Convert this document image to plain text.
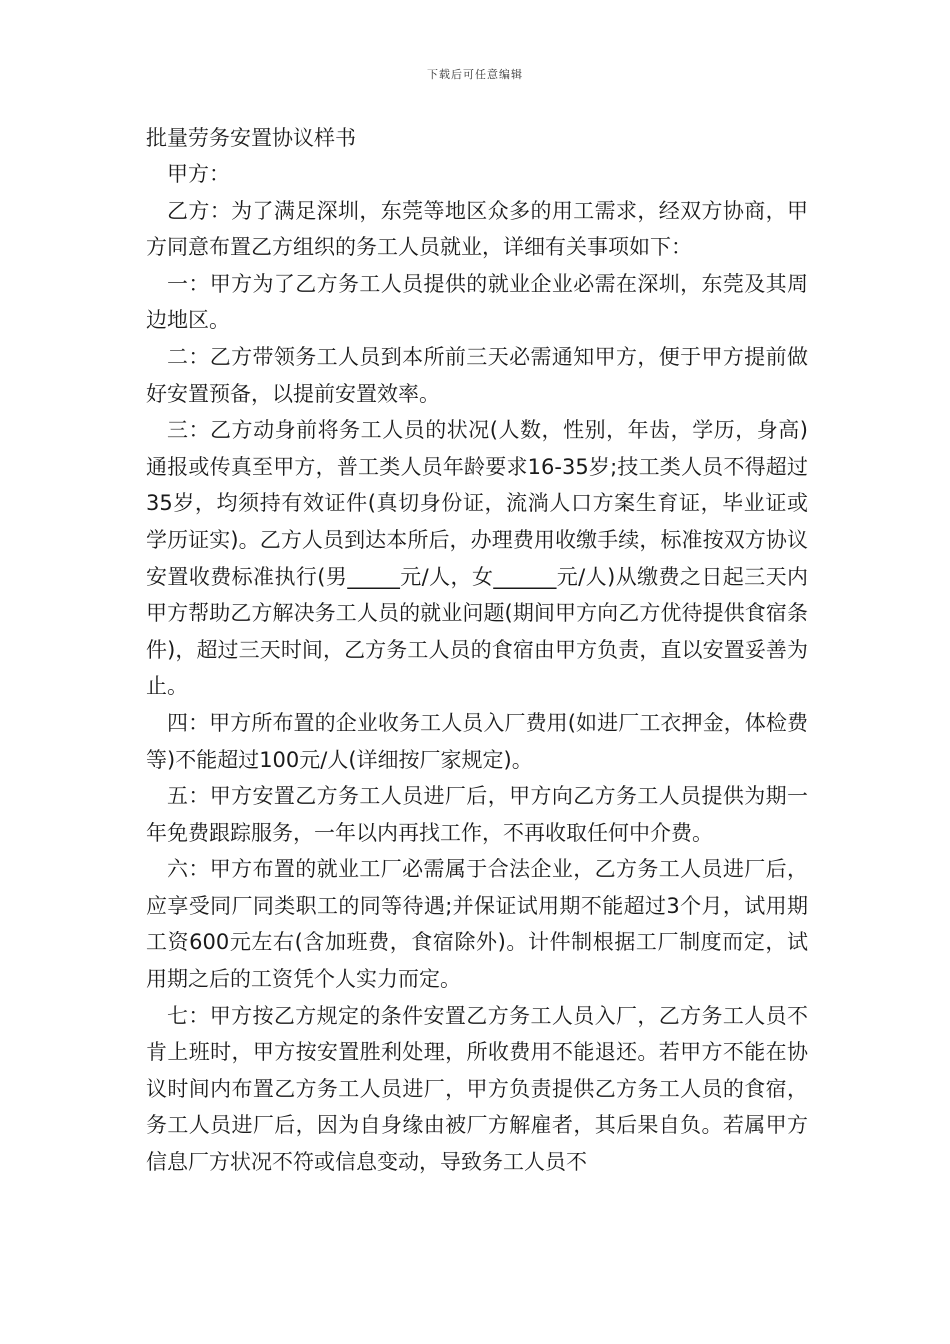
下载后可任意编辑
批量劳务安置协议样书

甲方：

乙方：为了满足深圳，东莞等地区众多的用工需求，经双方协商，甲方同意布置乙方组织的务工人员就业，详细有关事项如下：

一：甲方为了乙方务工人员提供的就业企业必需在深圳，东莞及其周边地区。

二：乙方带领务工人员到本所前三天必需通知甲方，便于甲方提前做好安置预备，以提前安置效率。

三：乙方动身前将务工人员的状况(人数，性别，年齿，学历，身高)通报或传真至甲方，普工类人员年龄要求16-35岁;技工类人员不得超过35岁，均须持有效证件(真切身份证，流淌人口方案生育证，毕业证或学历证实)。乙方人员到达本所后，办理费用收缴手续，标准按双方协议安置收费标准执行(男_____元/人，女______元/人)从缴费之日起三天内甲方帮助乙方解决务工人员的就业问题(期间甲方向乙方优待提供食宿条件)，超过三天时间，乙方务工人员的食宿由甲方负责，直以安置妥善为止。

四：甲方所布置的企业收务工人员入厂费用(如进厂工衣押金，体检费等)不能超过100元/人(详细按厂家规定)。

五：甲方安置乙方务工人员进厂后，甲方向乙方务工人员提供为期一年免费跟踪服务，一年以内再找工作，不再收取任何中介费。

六：甲方布置的就业工厂必需属于合法企业，乙方务工人员进厂后，应享受同厂同类职工的同等待遇;并保证试用期不能超过3个月，试用期工资600元左右(含加班费，食宿除外)。计件制根据工厂制度而定，试用期之后的工资凭个人实力而定。

七：甲方按乙方规定的条件安置乙方务工人员入厂，乙方务工人员不肯上班时，甲方按安置胜利处理，所收费用不能退还。若甲方不能在协议时间内布置乙方务工人员进厂，甲方负责提供乙方务工人员的食宿，务工人员进厂后，因为自身缘由被厂方解雇者，其后果自负。若属甲方信息厂方状况不符或信息变动，导致务工人员不
